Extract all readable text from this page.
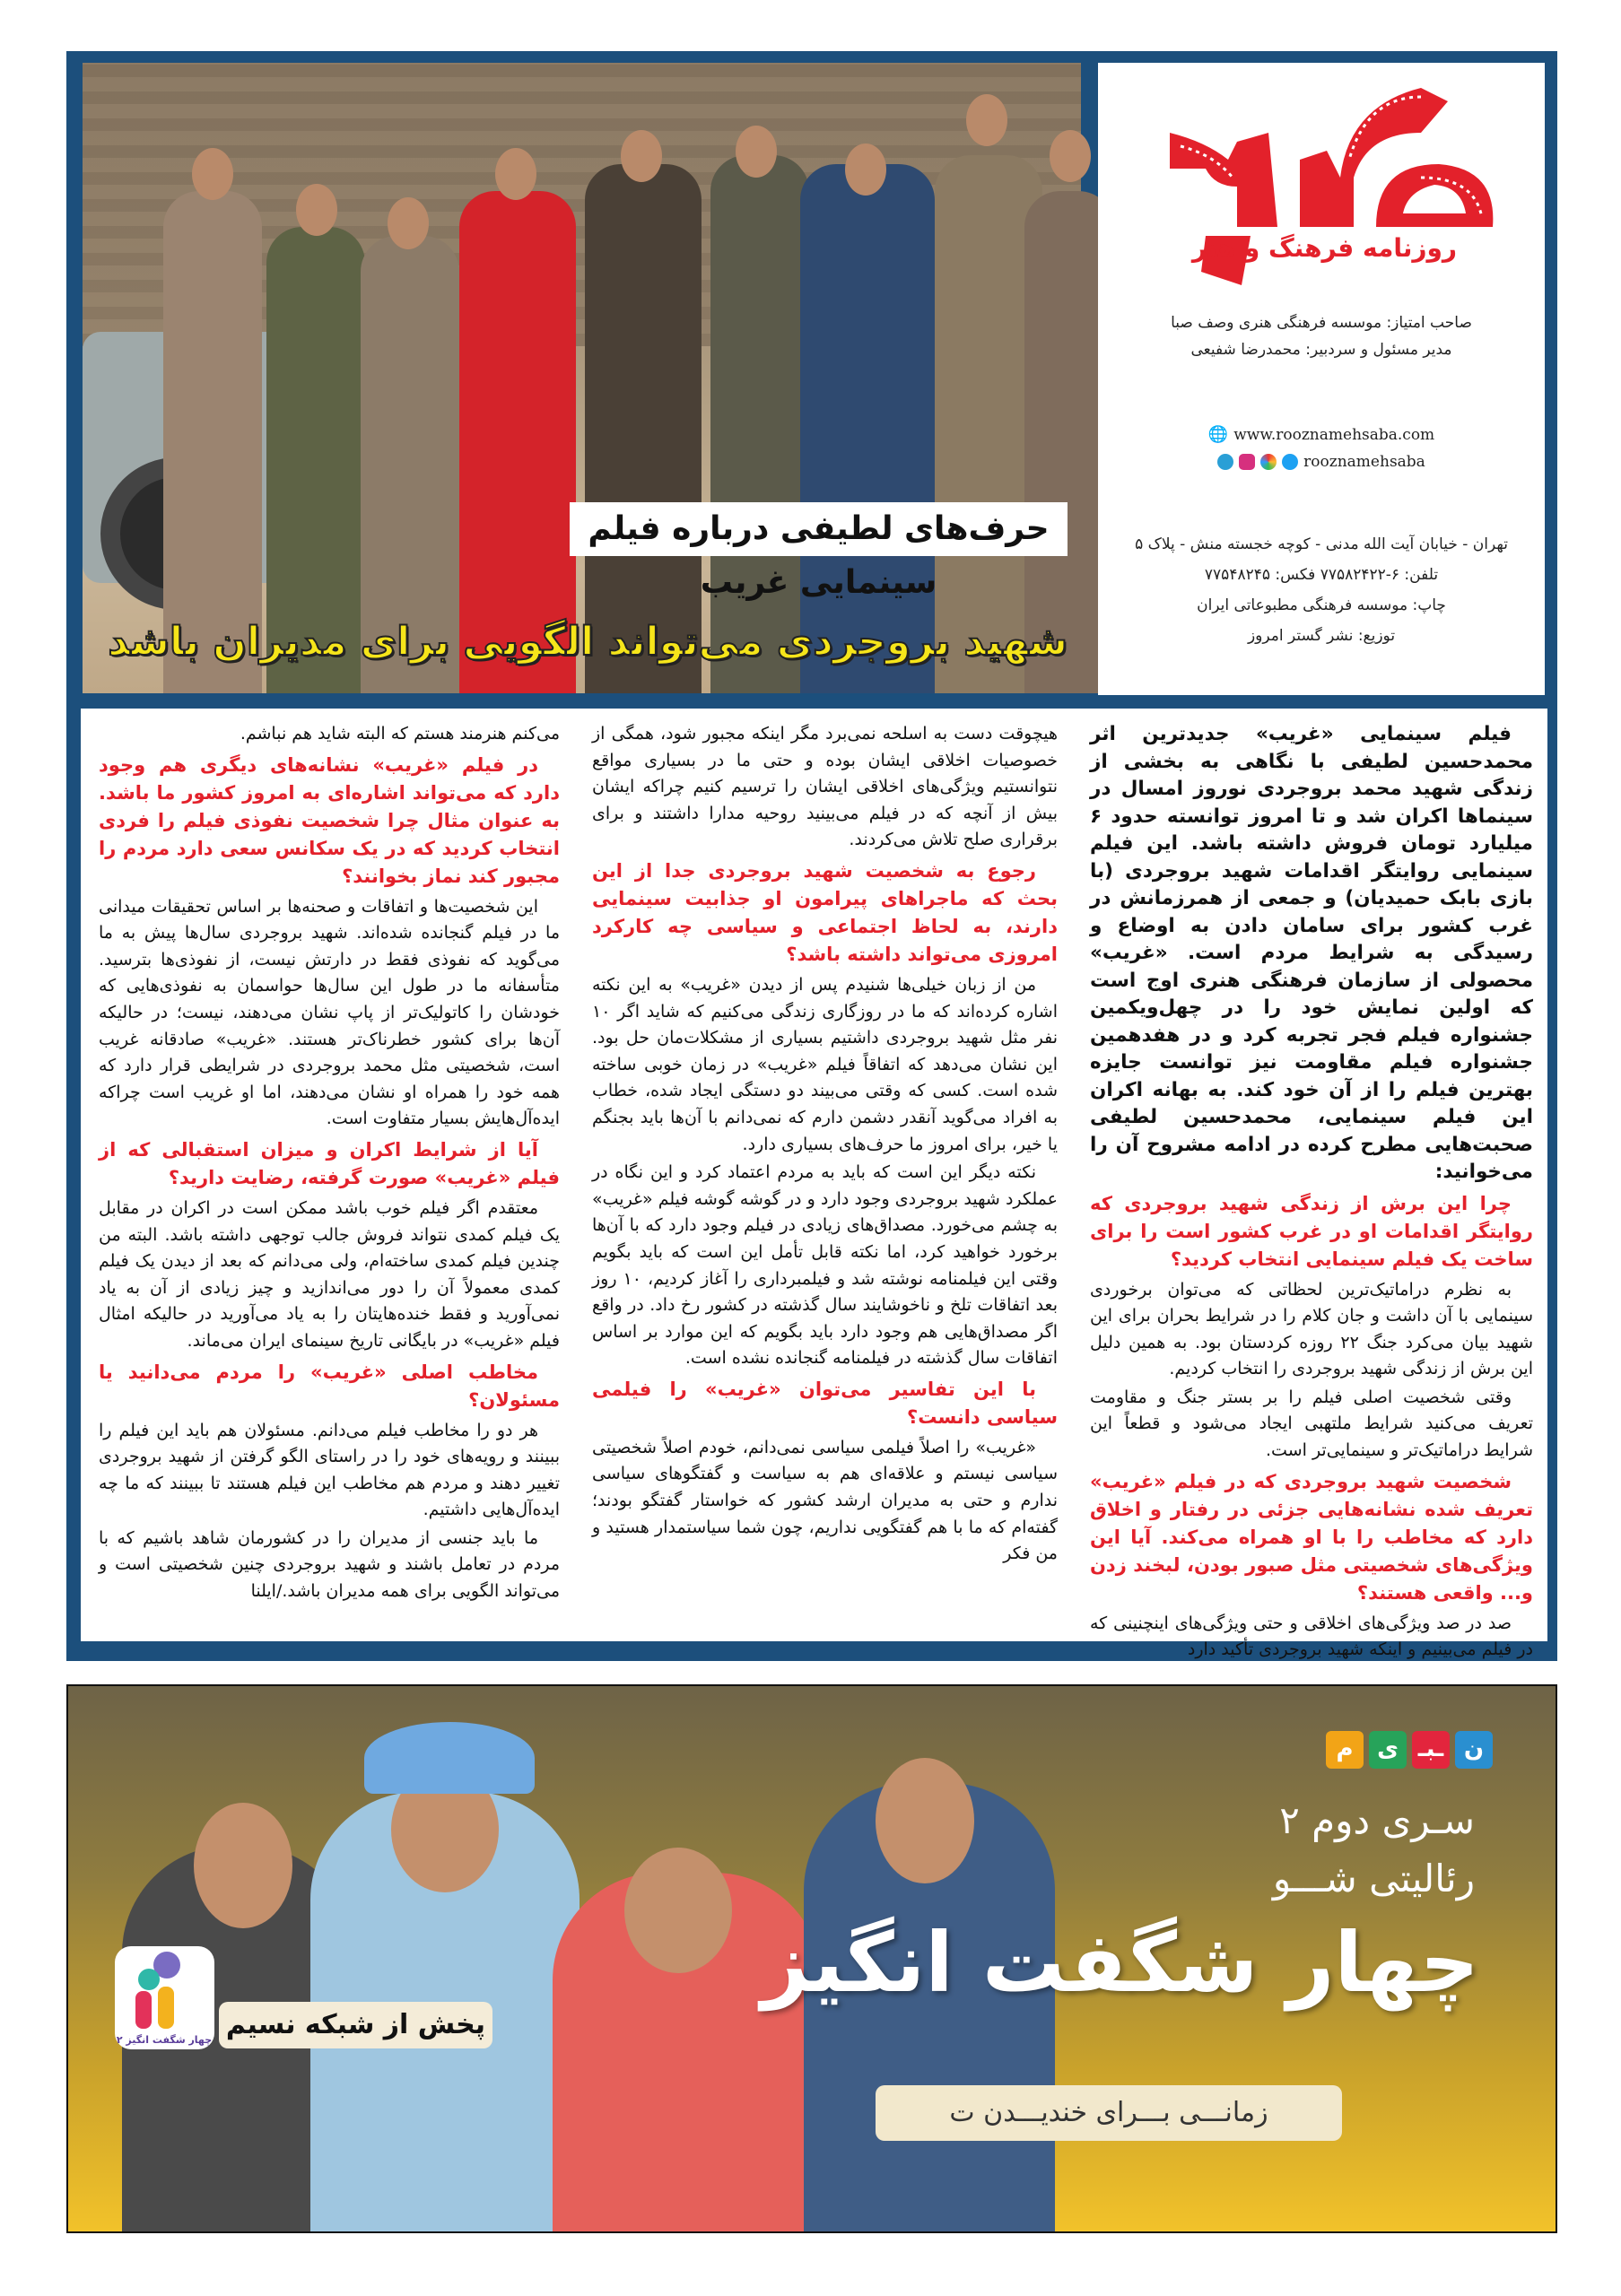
حرف‌های لطیفی درباره فیلم سینمایی غریب
شهید بروجردی می‌تواند الگویی برای مدیران باشد
روزنامه فرهنگ و هنر
صاحب امتیاز: موسسه فرهنگی هنری وصف صبا
مدیر مسئول و سردبیر: محمدرضا شفیعی
🌐 www.rooznamehsaba.com
rooznamehsaba
تهران - خیابان آیت الله مدنی - کوچه خجسته منش - پلاک ۵
تلفن: ۶-۷۷۵۸۲۴۲۲ فکس: ۷۷۵۴۸۲۴۵
چاپ: موسسه فرهنگی مطبوعاتی ایران
توزیع: نشر گستر امروز

فیلم سینمایی «غریب» جدیدترین اثر محمدحسین لطیفی با نگاهی به بخشی از زندگی شهید محمد بروجردی نوروز امسال در سینماها اکران شد و تا امروز توانسته حدود ۶ میلیارد تومان فروش داشته باشد. این فیلم سینمایی روایتگر اقدامات شهید بروجردی (با بازی بابک حمیدیان) و جمعی از همرزمانش در غرب کشور برای سامان دادن به اوضاع و رسیدگی به شرایط مردم است. «غریب» محصولی از سازمان فرهنگی هنری اوج است که اولین نمایش خود را در چهل‌ویکمین جشنواره فیلم فجر تجربه کرد و در هفدهمین جشنواره فیلم مقاومت نیز توانست جایزه بهترین فیلم را از آن خود کند. به بهانه اکران این فیلم سینمایی، محمدحسین لطیفی صحبت‌هایی مطرح کرده در ادامه مشروح آن را می‌خوانید:

چرا این برش از زندگی شهید بروجردی که روایتگر اقدامات او در غرب کشور است را برای ساخت یک فیلم سینمایی انتخاب کردید؟

به نظرم دراماتیک‌ترین لحظاتی که می‌توان برخوردی سینمایی با آن داشت و جان کلام را در شرایط بحران برای این شهید بیان می‌کرد جنگ ۲۲ روزه کردستان بود. به همین دلیل این برش از زندگی شهید بروجردی را انتخاب کردیم.

وقتی شخصیت اصلی فیلم را بر بستر جنگ و مقاومت تعریف می‌کنید شرایط ملتهبی ایجاد می‌شود و قطعاً این شرایط دراماتیک‌تر و سینمایی‌تر است.

شخصیت شهید بروجردی که در فیلم «غریب» تعریف شده نشانه‌هایی جزئی در رفتار و اخلاق دارد که مخاطب را با او همراه می‌کند. آیا این ویژگی‌های شخصیتی مثل صبور بودن، لبخند زدن و... واقعی هستند؟

صد در صد ویژگی‌های اخلاقی و حتی ویژگی‌های اینچنینی که در فیلم می‌بینیم و اینکه شهید بروجردی تأکید دارد

هیچوقت دست به اسلحه نمی‌برد مگر اینکه مجبور شود، همگی از خصوصیات اخلاقی ایشان بوده و حتی ما در بسیاری مواقع نتوانستیم ویژگی‌های اخلاقی ایشان را ترسیم کنیم چراکه ایشان بیش از آنچه که در فیلم می‌بینید روحیه مدارا داشتند و برای برقراری صلح تلاش می‌کردند.

رجوع به شخصیت شهید بروجردی جدا از این بحث که ماجراهای پیرامون او جذابیت سینمایی دارند، به لحاظ اجتماعی و سیاسی چه کارکرد امروزی می‌تواند داشته باشد؟

من از زبان خیلی‌ها شنیدم پس از دیدن «غریب» به این نکته اشاره کرده‌اند که ما در روزگاری زندگی می‌کنیم که شاید اگر ۱۰ نفر مثل شهید بروجردی داشتیم بسیاری از مشکلات‌مان حل بود. این نشان می‌دهد که اتفاقاً فیلم «غریب» در زمان خوبی ساخته شده است. کسی که وقتی می‌بیند دو دستگی ایجاد شده، خطاب به افراد می‌گوید آنقدر دشمن دارم که نمی‌دانم با آن‌ها باید بجنگم یا خیر، برای امروز ما حرف‌های بسیاری دارد.

نکته دیگر این است که باید به مردم اعتماد کرد و این نگاه در عملکرد شهید بروجردی وجود دارد و در گوشه گوشه فیلم «غریب» به چشم می‌خورد. مصداق‌های زیادی در فیلم وجود دارد که با آن‌ها برخورد خواهید کرد، اما نکته قابل تأمل این است که باید بگویم وقتی این فیلمنامه نوشته شد و فیلمبرداری را آغاز کردیم، ۱۰ روز بعد اتفاقات تلخ و ناخوشایند سال گذشته در کشور رخ داد. در واقع اگر مصداق‌هایی هم وجود دارد باید بگویم که این موارد بر اساس اتفاقات سال گذشته در فیلمنامه گنجانده نشده است.

با این تفاسیر می‌توان «غریب» را فیلمی سیاسی دانست؟

«غریب» را اصلاً فیلمی سیاسی نمی‌دانم، خودم اصلاً شخصیتی سیاسی نیستم و علاقه‌ای هم به سیاست و گفتگوهای سیاسی ندارم و حتی به مدیران ارشد کشور که خواستار گفتگو بودند؛ گفته‌ام که ما با هم گفتگویی نداریم، چون شما سیاستمدار هستید و من فکر

می‌کنم هنرمند هستم که البته شاید هم نباشم.

در فیلم «غریب» نشانه‌های دیگری هم وجود دارد که می‌تواند اشاره‌ای به امروز کشور ما باشد. به عنوان مثال چرا شخصیت نفوذی فیلم را فردی انتخاب کردید که در یک سکانس سعی دارد مردم را مجبور کند نماز بخوانند؟

این شخصیت‌ها و اتفاقات و صحنه‌ها بر اساس تحقیقات میدانی ما در فیلم گنجانده شده‌اند. شهید بروجردی سال‌ها پیش به ما می‌گوید که نفوذی فقط در دارتش نیست، از نفوذی‌ها بترسید. متأسفانه ما در طول این سال‌ها حواسمان به نفوذی‌هایی که خودشان را کاتولیک‌تر از پاپ نشان می‌دهند، نیست؛ در حالیکه آن‌ها برای کشور خطرناک‌تر هستند. «غریب» صادقانه غریب است، شخصیتی مثل محمد بروجردی در شرایطی قرار دارد که همه خود را همراه او نشان می‌دهند، اما او غریب است چراکه ایده‌آل‌هایش بسیار متفاوت است.

آیا از شرایط اکران و میزان استقبالی که از فیلم «غریب» صورت گرفته، رضایت دارید؟

معتقدم اگر فیلم خوب باشد ممکن است در اکران در مقابل یک فیلم کمدی نتواند فروش جالب توجهی داشته باشد. البته من چندین فیلم کمدی ساخته‌ام، ولی می‌دانم که بعد از دیدن یک فیلم کمدی معمولاً آن را دور می‌اندازید و چیز زیادی از آن به یاد نمی‌آورید و فقط خنده‌هایتان را به یاد می‌آورید در حالیکه امثال فیلم «غریب» در بایگانی تاریخ سینمای ایران می‌ماند.

مخاطب اصلی «غریب» را مردم می‌دانید یا مسئولان؟

هر دو را مخاطب فیلم می‌دانم. مسئولان هم باید این فیلم را ببینند و رویه‌های خود را در راستای الگو گرفتن از شهید بروجردی تغییر دهند و مردم هم مخاطب این فیلم هستند تا ببینند که ما چه ایده‌آل‌هایی داشتیم.

ما باید جنسی از مدیران را در کشورمان شاهد باشیم که با مردم در تعامل باشند و شهید بروجردی چنین شخصیتی است و می‌تواند الگویی برای همه مدیران باشد./ایلنا

م	ی ـبـ ن
سـری دوم ۲
رئالیتی شـــو
چهار شگفت انگیز
زمانـــی بـــرای خندیـــدن ت
پخش از شبکه نسیم
چهار شگفت انگیز ۲
